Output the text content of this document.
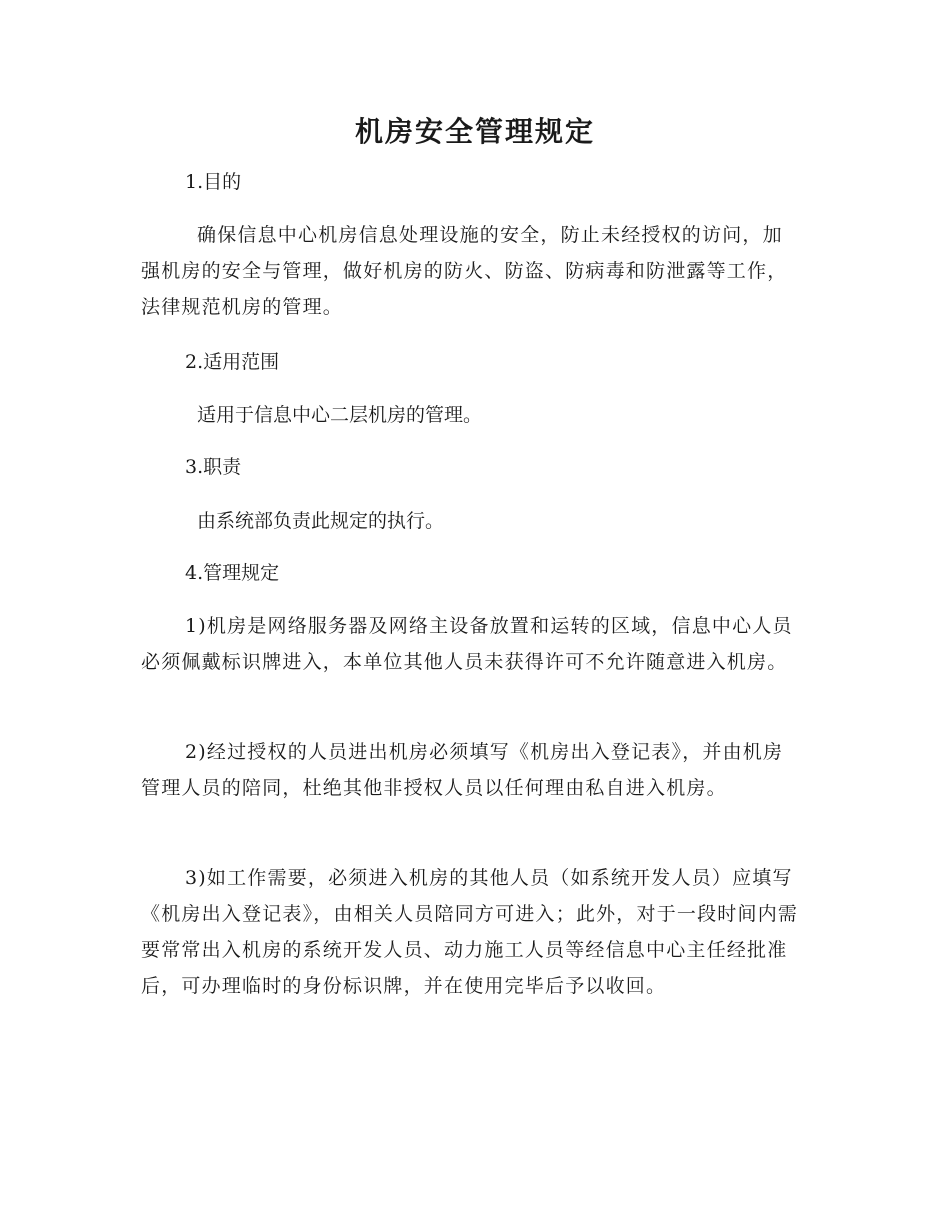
机房安全管理规定

1.目的

确保信息中心机房信息处理设施的安全，防止未经授权的访问，加强机房的安全与管理，做好机房的防火、防盗、防病毒和防泄露等工作，法律规范机房的管理。

2.适用范围

适用于信息中心二层机房的管理。

3.职责

由系统部负责此规定的执行。

4.管理规定

1)机房是网络服务器及网络主设备放置和运转的区域，信息中心人员必须佩戴标识牌进入，本单位其他人员未获得许可不允许随意进入机房。

2)经过授权的人员进出机房必须填写《机房出入登记表》，并由机房管理人员的陪同，杜绝其他非授权人员以任何理由私自进入机房。

3)如工作需要，必须进入机房的其他人员（如系统开发人员）应填写《机房出入登记表》，由相关人员陪同方可进入；此外，对于一段时间内需要常常出入机房的系统开发人员、动力施工人员等经信息中心主任经批准后，可办理临时的身份标识牌，并在使用完毕后予以收回。
